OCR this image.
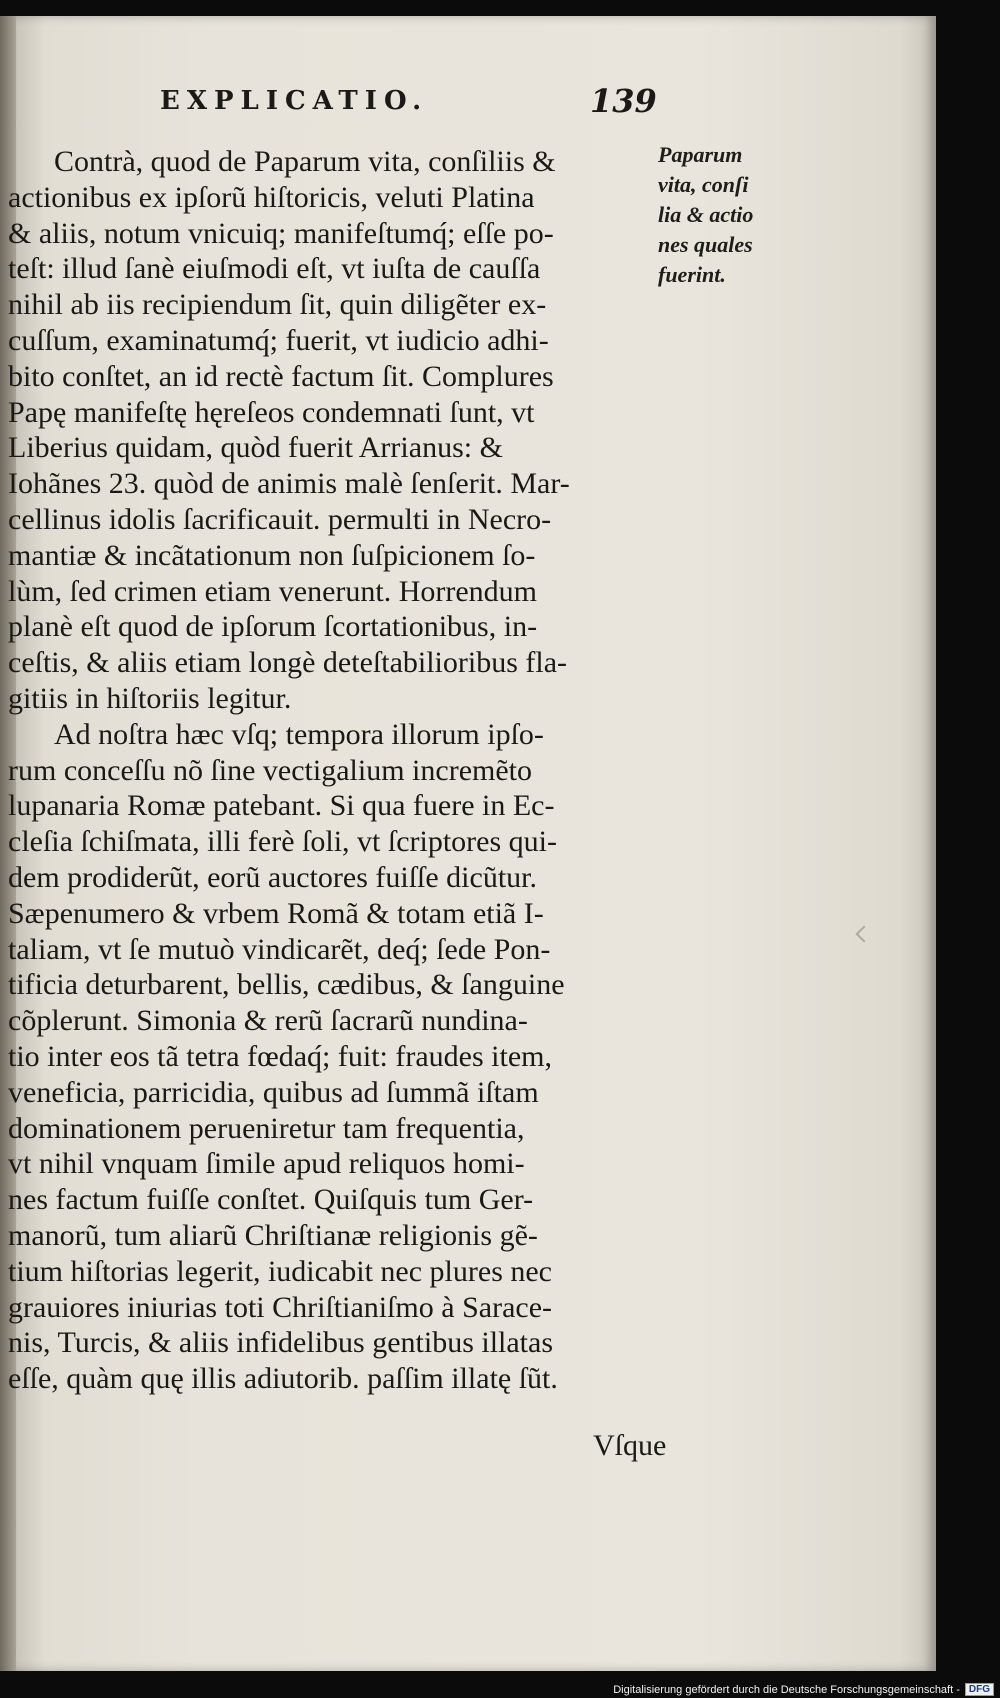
EXPLICATIO.	139
Paparum
vita, conſi
lia & actio
nes quales
fuerint.
Contrà, quod de Paparum vita, conſiliis &
actionibus ex ipſorũ hiſtoricis, veluti Platina
& aliis, notum vnicuiq; manifeſtumq́; eſſe po-
teſt: illud ſanè eiuſmodi eſt, vt iuſta de cauſſa
nihil ab iis recipiendum ſit, quin diligẽter ex-
cuſſum, examinatumq́; fuerit, vt iudicio adhi-
bito conſtet, an id rectè factum ſit. Complures
Papę manifeſtę hęreſeos condemnati ſunt, vt
Liberius quidam, quòd fuerit Arrianus: &
Iohãnes 23. quòd de animis malè ſenſerit. Mar-
cellinus idolis ſacrificauit. permulti in Necro-
mantiæ & incãtationum non ſuſpicionem ſo-
lùm, ſed crimen etiam venerunt. Horrendum
planè eſt quod de ipſorum ſcortationibus, in-
ceſtis, & aliis etiam longè deteſtabilioribus fla-
gitiis in hiſtoriis legitur.
Ad noſtra hæc vſq; tempora illorum ipſo-
rum conceſſu nõ ſine vectigalium incremẽto
lupanaria Romæ patebant. Si qua fuere in Ec-
cleſia ſchiſmata, illi ferè ſoli, vt ſcriptores qui-
dem prodiderũt, eorũ auctores fuiſſe dicũtur.
Sæpenumero & vrbem Romã & totam etiã I-
taliam, vt ſe mutuò vindicarẽt, deq́; ſede Pon-
tificia deturbarent, bellis, cædibus, & ſanguine
cõplerunt. Simonia & rerũ ſacrarũ nundina-
tio inter eos tã tetra fœdaq́; fuit: fraudes item,
veneficia, parricidia, quibus ad ſummã iſtam
dominationem perueniretur tam frequentia,
vt nihil vnquam ſimile apud reliquos homi-
nes factum fuiſſe conſtet. Quiſquis tum Ger-
manorũ, tum aliarũ Chriſtianæ religionis gẽ-
tium hiſtorias legerit, iudicabit nec plures nec
grauiores iniurias toti Chriſtianiſmo à Sarace-
nis, Turcis, & aliis infidelibus gentibus illatas
eſſe, quàm quę illis adiutorib. paſſim illatę ſũt.
Vſque
Digitalisierung gefördert durch die Deutsche Forschungsgemeinschaft - DFG
